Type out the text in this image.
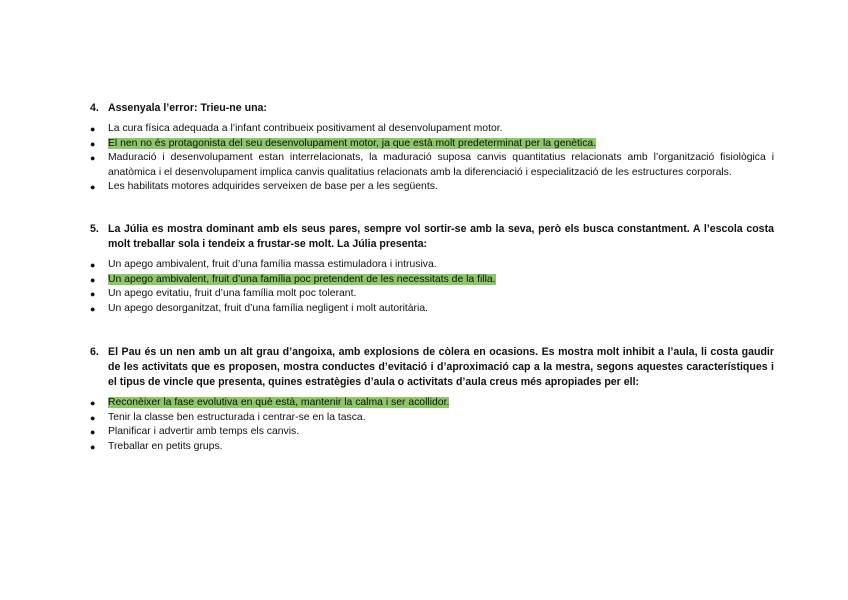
4. Assenyala l’error: Trieu-ne una:
●	La cura física adequada a l’infant contribueix positivament al desenvolupament motor.
●	El nen no és protagonista del seu desenvolupament motor, ja que està molt predeterminat per la genètica.
●	Maduració i desenvolupament estan interrelacionats, la maduració suposa canvis quantitatius relacionats amb l’organització fisiològica i anatòmica i el desenvolupament implica canvis qualitatius relacionats amb la diferenciació i especialització de les estructures corporals.
●	Les habilitats motores adquirides serveixen de base per a les següents.
5. La Júlia es mostra dominant amb els seus pares, sempre vol sortir-se amb la seva, però els busca constantment. A l’escola costa molt treballar sola i tendeix a frustar-se molt. La Júlia presenta:
●	Un apego ambivalent, fruit d’una família massa estimuladora i intrusiva.
●	Un apego ambivalent, fruit d’una família poc pretendent de les necessitats de la filla.
●	Un apego evitatiu, fruit d’una família molt poc tolerant.
●	Un apego desorganitzat, fruit d’una família negligent i molt autoritària.
6. El Pau és un nen amb un alt grau d’angoixa, amb explosions de còlera en ocasions. Es mostra molt inhibit a l’aula, li costa gaudir de les activitats que es proposen, mostra conductes d’evitació i d’aproximació cap a la mestra, segons aquestes característiques i el tipus de vincle que presenta, quines estratègies d’aula o activitats d’aula creus més apropiades per ell:
●	Reconèixer la fase evolutiva en què està, mantenir la calma i ser acollidor.
●	Tenir la classe ben estructurada i centrar-se en la tasca.
●	Planificar i advertir amb temps els canvis.
●	Treballar en petits grups.
